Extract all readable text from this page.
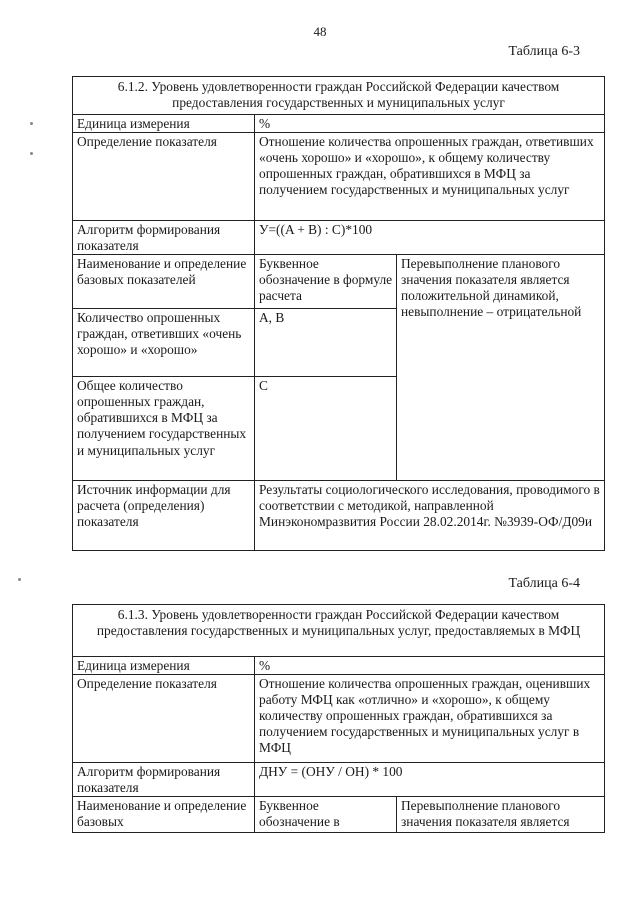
48
Таблица 6-3
6.1.2. Уровень удовлетворенности граждан Российской Федерации качеством предоставления государственных и муниципальных услуг		
Единица измерения	%	
Определение показателя	Отношение количества опрошенных граждан, ответивших «очень хорошо» и «хорошо», к общему количеству опрошенных граждан, обратившихся в МФЦ за получением государственных и муниципальных услуг	
Алгоритм формирования показателя	У=((A + B) : С)*100	
Наименование и определение базовых показателей	Буквенное обозначение в формуле расчета	Перевыполнение планового значения показателя является положительной динамикой, невыполнение – отрицательной
Количество опрошенных граждан, ответивших «очень хорошо» и «хорошо»	А, В	
Общее количество опрошенных граждан, обратившихся в МФЦ за получением государственных и муниципальных услуг	С	
Источник информации для расчета (определения) показателя	Результаты социологического исследования, проводимого в соответствии с методикой, направленной Минэкономразвития России 28.02.2014г. №3939-ОФ/Д09и	
Таблица 6-4
6.1.3. Уровень удовлетворенности граждан Российской Федерации качеством предоставления государственных и муниципальных услуг, предоставляемых в МФЦ		
Единица измерения	%	
Определение показателя	Отношение количества опрошенных граждан, оценивших работу МФЦ как «отлично» и «хорошо», к общему количеству опрошенных граждан, обратившихся за получением государственных и муниципальных услуг в МФЦ	
Алгоритм формирования показателя	ДНУ = (ОНУ / ОН) * 100	
Наименование и определение базовых	Буквенное обозначение в	Перевыполнение планового значения показателя является
